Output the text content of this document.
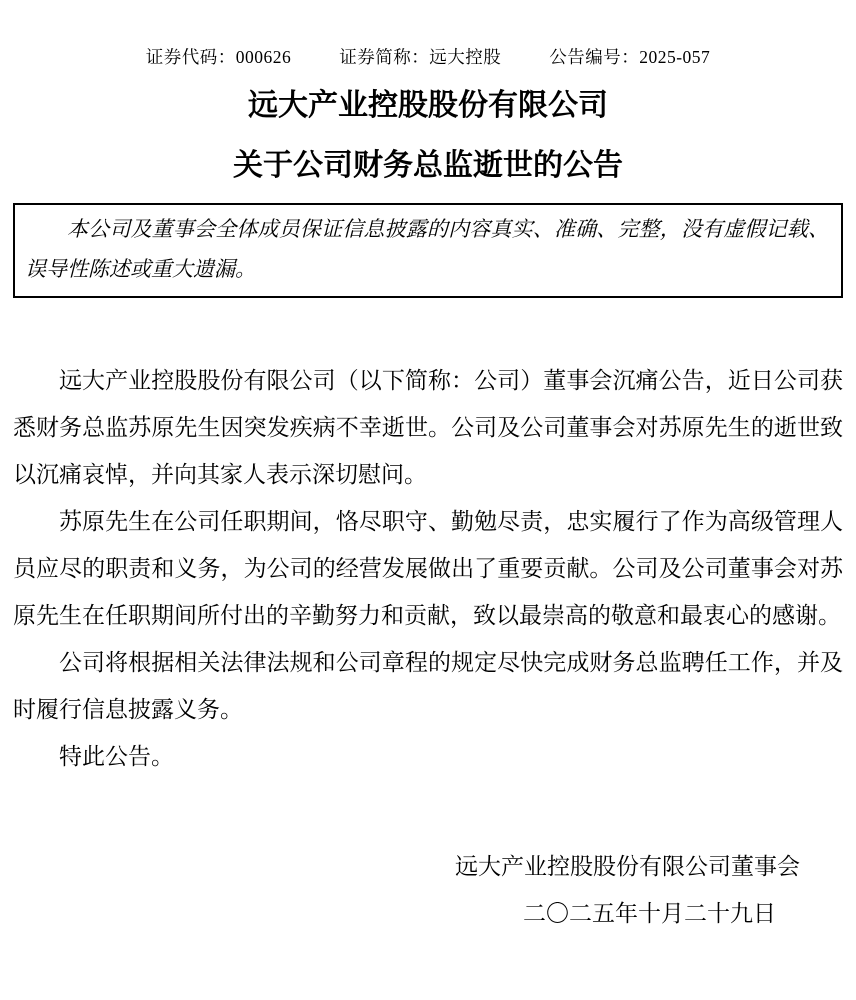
证券代码：000626	证券简称：远大控股	公告编号：2025-057
远大产业控股股份有限公司
关于公司财务总监逝世的公告

本公司及董事会全体成员保证信息披露的内容真实、准确、完整，没有虚假记载、误导性陈述或重大遗漏。

远大产业控股股份有限公司（以下简称：公司）董事会沉痛公告，近日公司获悉财务总监苏原先生因突发疾病不幸逝世。公司及公司董事会对苏原先生的逝世致以沉痛哀悼，并向其家人表示深切慰问。

苏原先生在公司任职期间，恪尽职守、勤勉尽责，忠实履行了作为高级管理人员应尽的职责和义务，为公司的经营发展做出了重要贡献。公司及公司董事会对苏原先生在任职期间所付出的辛勤努力和贡献，致以最崇高的敬意和最衷心的感谢。

公司将根据相关法律法规和公司章程的规定尽快完成财务总监聘任工作，并及时履行信息披露义务。

特此公告。

远大产业控股股份有限公司董事会

二〇二五年十月二十九日
